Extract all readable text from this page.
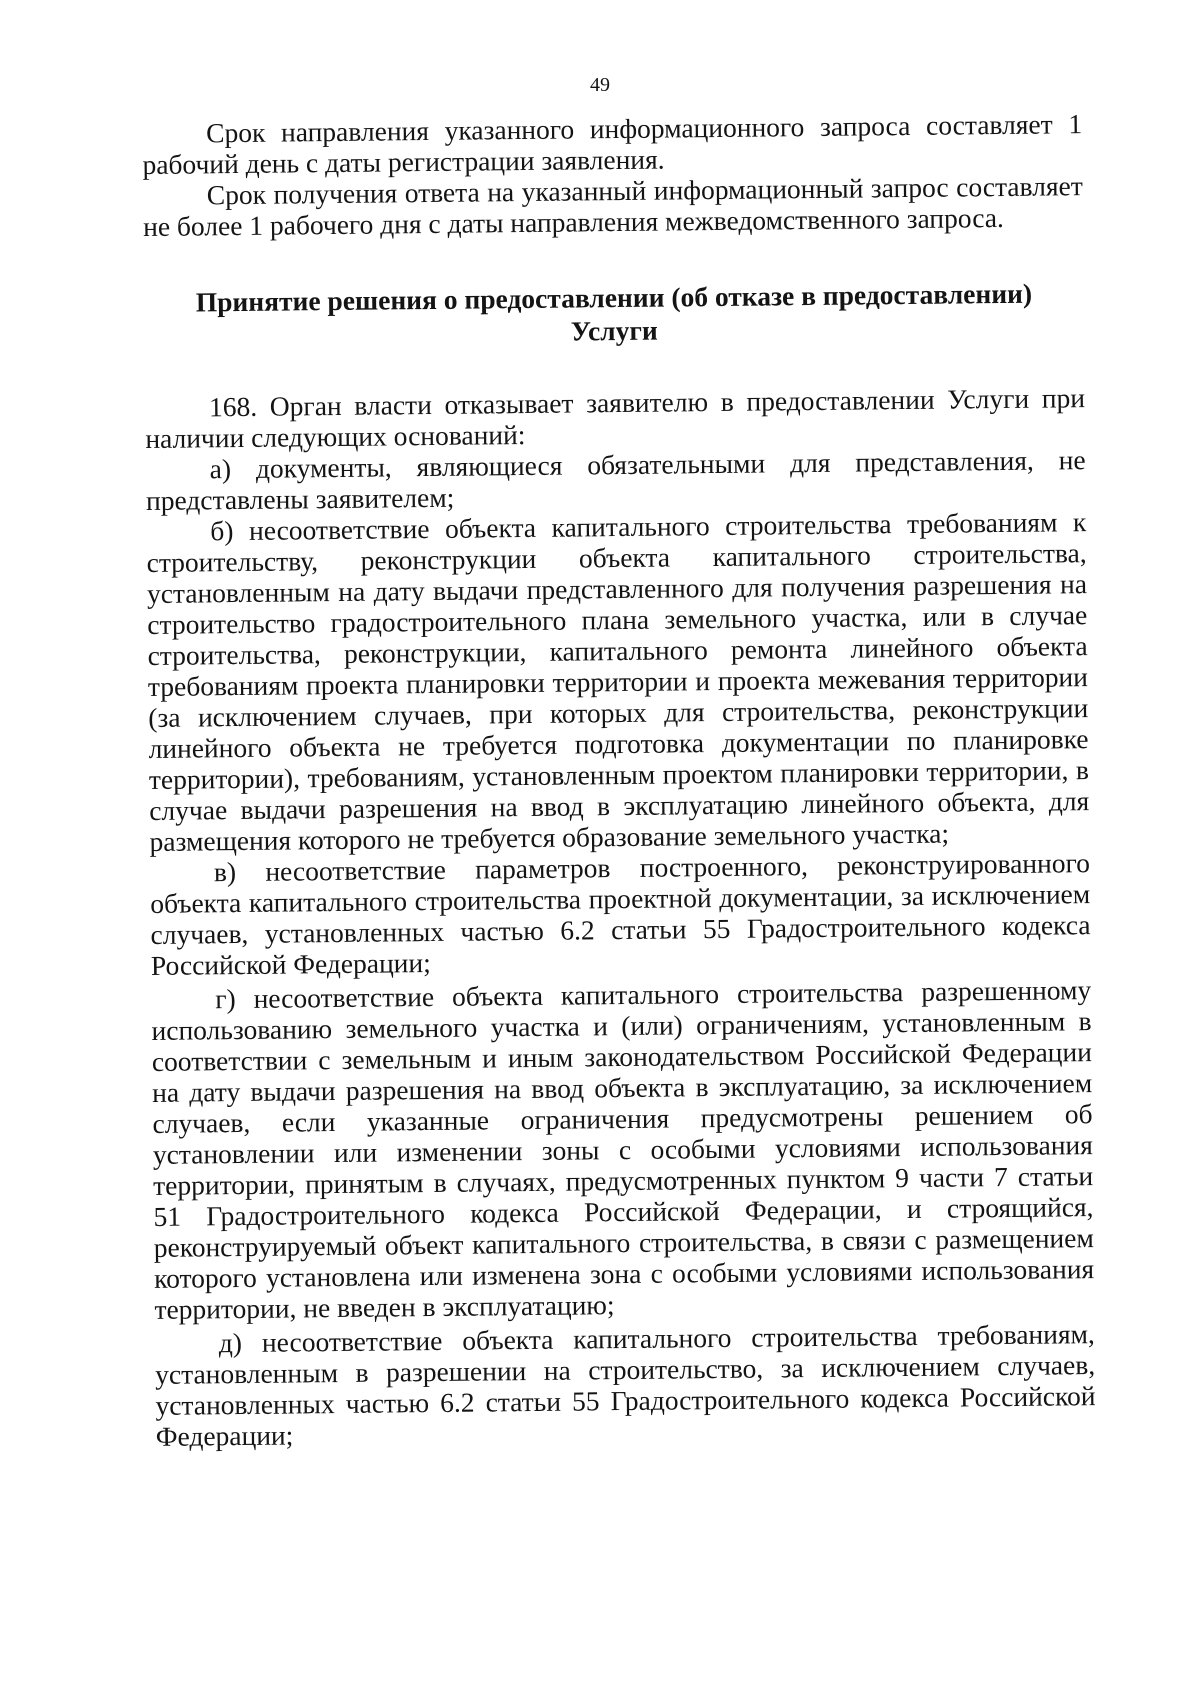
49

Срок направления указанного информационного запроса составляет 1 рабочий день с даты регистрации заявления.

Срок получения ответа на указанный информационный запрос составляет не более 1 рабочего дня с даты направления межведомственного запроса.

Принятие решения о предоставлении (об отказе в предоставлении)
Услуги

168. Орган власти отказывает заявителю в предоставлении Услуги при наличии следующих оснований:

а) документы, являющиеся обязательными для представления, не представлены заявителем;

б) несоответствие объекта капитального строительства требованиям к строительству, реконструкции объекта капитального строительства, установленным на дату выдачи представленного для получения разрешения на строительство градостроительного плана земельного участка, или в случае строительства, реконструкции, капитального ремонта линейного объекта требованиям проекта планировки территории и проекта межевания территории (за исключением случаев, при которых для строительства, реконструкции линейного объекта не требуется подготовка документации по планировке территории), требованиям, установленным проектом планировки территории, в случае выдачи разрешения на ввод в эксплуатацию линейного объекта, для размещения которого не требуется образование земельного участка;

в) несоответствие параметров построенного, реконструированного объекта капитального строительства проектной документации, за исключением случаев, установленных частью 6.2 статьи 55 Градостроительного кодекса Российской Федерации;

г) несоответствие объекта капитального строительства разрешенному использованию земельного участка и (или) ограничениям, установленным в соответствии с земельным и иным законодательством Российской Федерации на дату выдачи разрешения на ввод объекта в эксплуатацию, за исключением случаев, если указанные ограничения предусмотрены решением об установлении или изменении зоны с особыми условиями использования территории, принятым в случаях, предусмотренных пунктом 9 части 7 статьи 51 Градостроительного кодекса Российской Федерации, и строящийся, реконструируемый объект капитального строительства, в связи с размещением которого установлена или изменена зона с особыми условиями использования территории, не введен в эксплуатацию;

д) несоответствие объекта капитального строительства требованиям, установленным в разрешении на строительство, за исключением случаев, установленных частью 6.2 статьи 55 Градостроительного кодекса Российской Федерации;
